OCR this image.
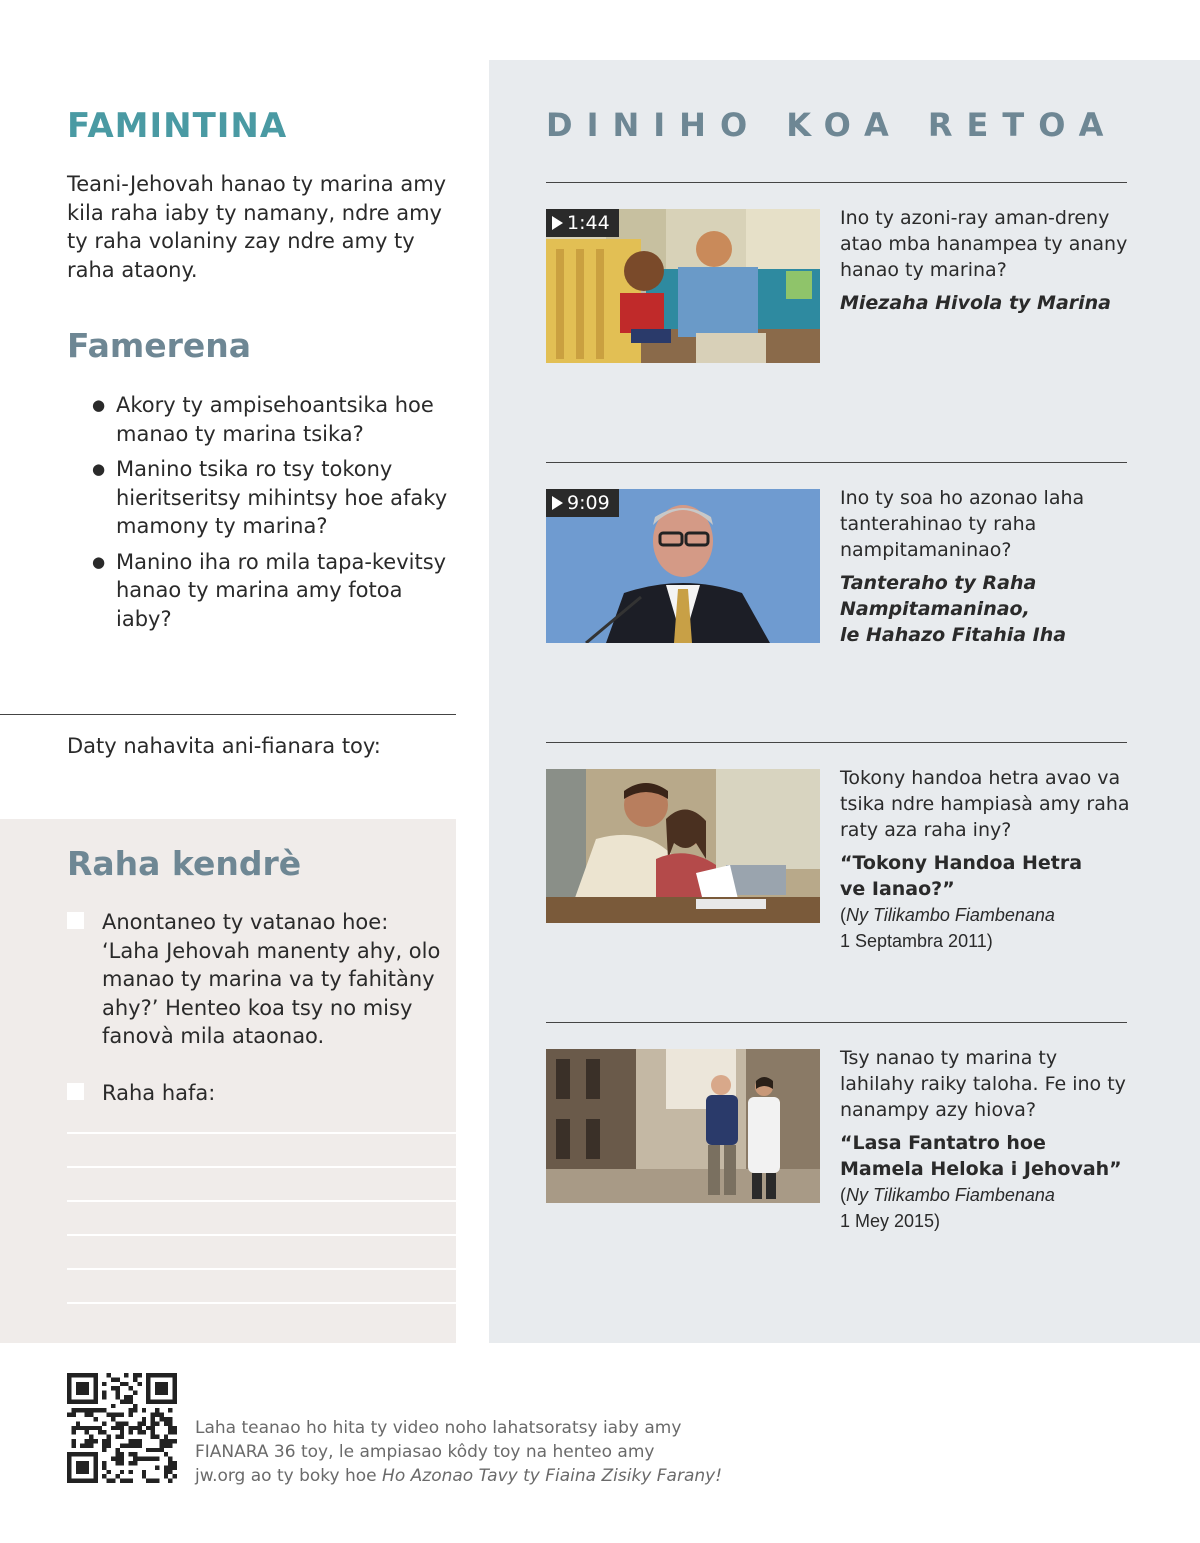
FAMINTINA

Teani-Jehovah hanao ty marina amy kila raha iaby ty namany, ndre amy ty raha volaniny zay ndre amy ty raha ataony.

Famerena
● Akory ty ampisehoantsika hoe manao ty marina tsika?
● Manino tsika ro tsy tokony hieritseritsy mihintsy hoe afaky mamony ty marina?
● Manino iha ro mila tapa-kevitsy hanao ty marina amy fotoa iaby?
Daty nahavita ani-fianara toy:
Raha kendrè

Anontaneo ty vatanao hoe: ‘Laha Jehovah manenty ahy, olo manao ty marina va ty fahitàny ahy?’ Henteo koa tsy no misy fanovà mila ataonao.

Raha hafa:

DINIHO KOA RETOA
1:44	Ino ty azoni-ray aman-dreny atao mba hanampea ty anany hanao ty marina?

Miezaha Hivola ty Marina

9:09	Ino ty soa ho azonao laha tanterahinao ty raha nampitamaninao?

Tanteraho ty Raha
Nampitamaninao,
le Hahazo Fitahia Iha

Tokony handoa hetra avao va tsika ndre hampiasà amy raha raty aza raha iny?

“Tokony Handoa Hetra
ve Ianao?”
(Ny Tilikambo Fiambenana
1 Septambra 2011)

Tsy nanao ty marina ty lahilahy raiky taloha. Fe ino ty nanampy azy hiova?

“Lasa Fantatro hoe
Mamela Heloka i Jehovah”
(Ny Tilikambo Fiambenana
1 Mey 2015)
Laha teanao ho hita ty video noho lahatsoratsy iaby amy
FIANARA 36 toy, le ampiasao kôdy toy na henteo amy
jw.org ao ty boky hoe Ho Azonao Tavy ty Fiaina Zisiky Farany!
